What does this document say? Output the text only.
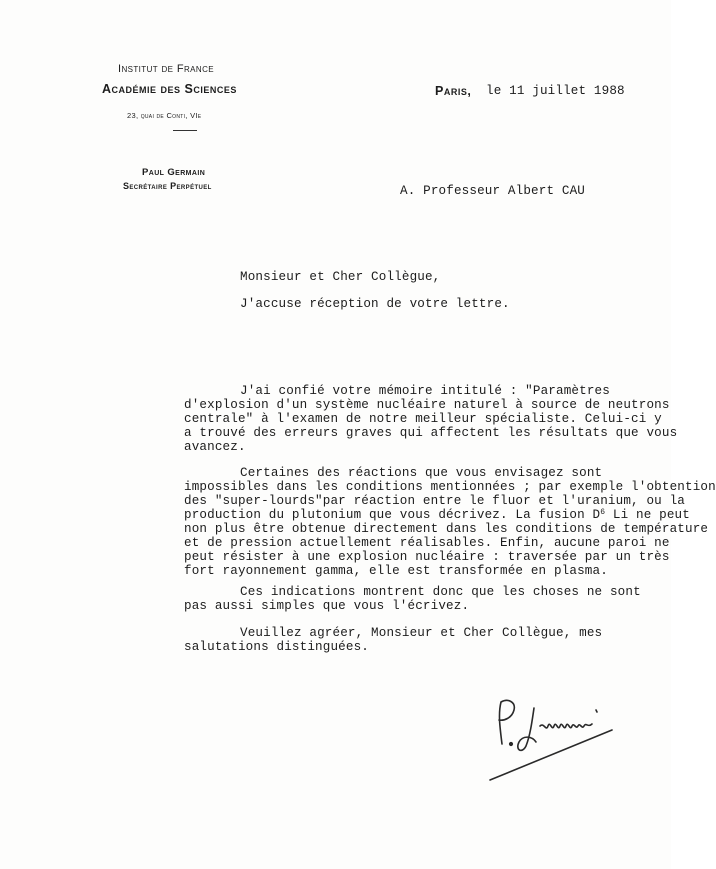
Institut de France
Académie des Sciences
23, quai de Conti, VIe
Paul Germain
Secrétaire Perpétuel
Paris, le 11 juillet 1988
A. Professeur Albert CAU
Monsieur et Cher Collègue,
J'accuse réception de votre lettre.
J'ai confié votre mémoire intitulé : "Paramètres
d'explosion d'un système nucléaire naturel à source de neutrons
centrale" à l'examen de notre meilleur spécialiste. Celui-ci y
a trouvé des erreurs graves qui affectent les résultats que vous
avancez.
Certaines des réactions que vous envisagez sont
impossibles dans les conditions mentionnées ; par exemple l'obtention
des "super-lourds"par réaction entre le fluor et l'uranium, ou la
production du plutonium que vous décrivez. La fusion $D^6$ Li ne peut
non plus être obtenue directement dans les conditions de température
et de pression actuellement réalisables. Enfin, aucune paroi ne
peut résister à une explosion nucléaire : traversée par un très
fort rayonnement gamma, elle est transformée en plasma.
Ces indications montrent donc que les choses ne sont
pas aussi simples que vous l'écrivez.
Veuillez agréer, Monsieur et Cher Collègue, mes
salutations distinguées.
